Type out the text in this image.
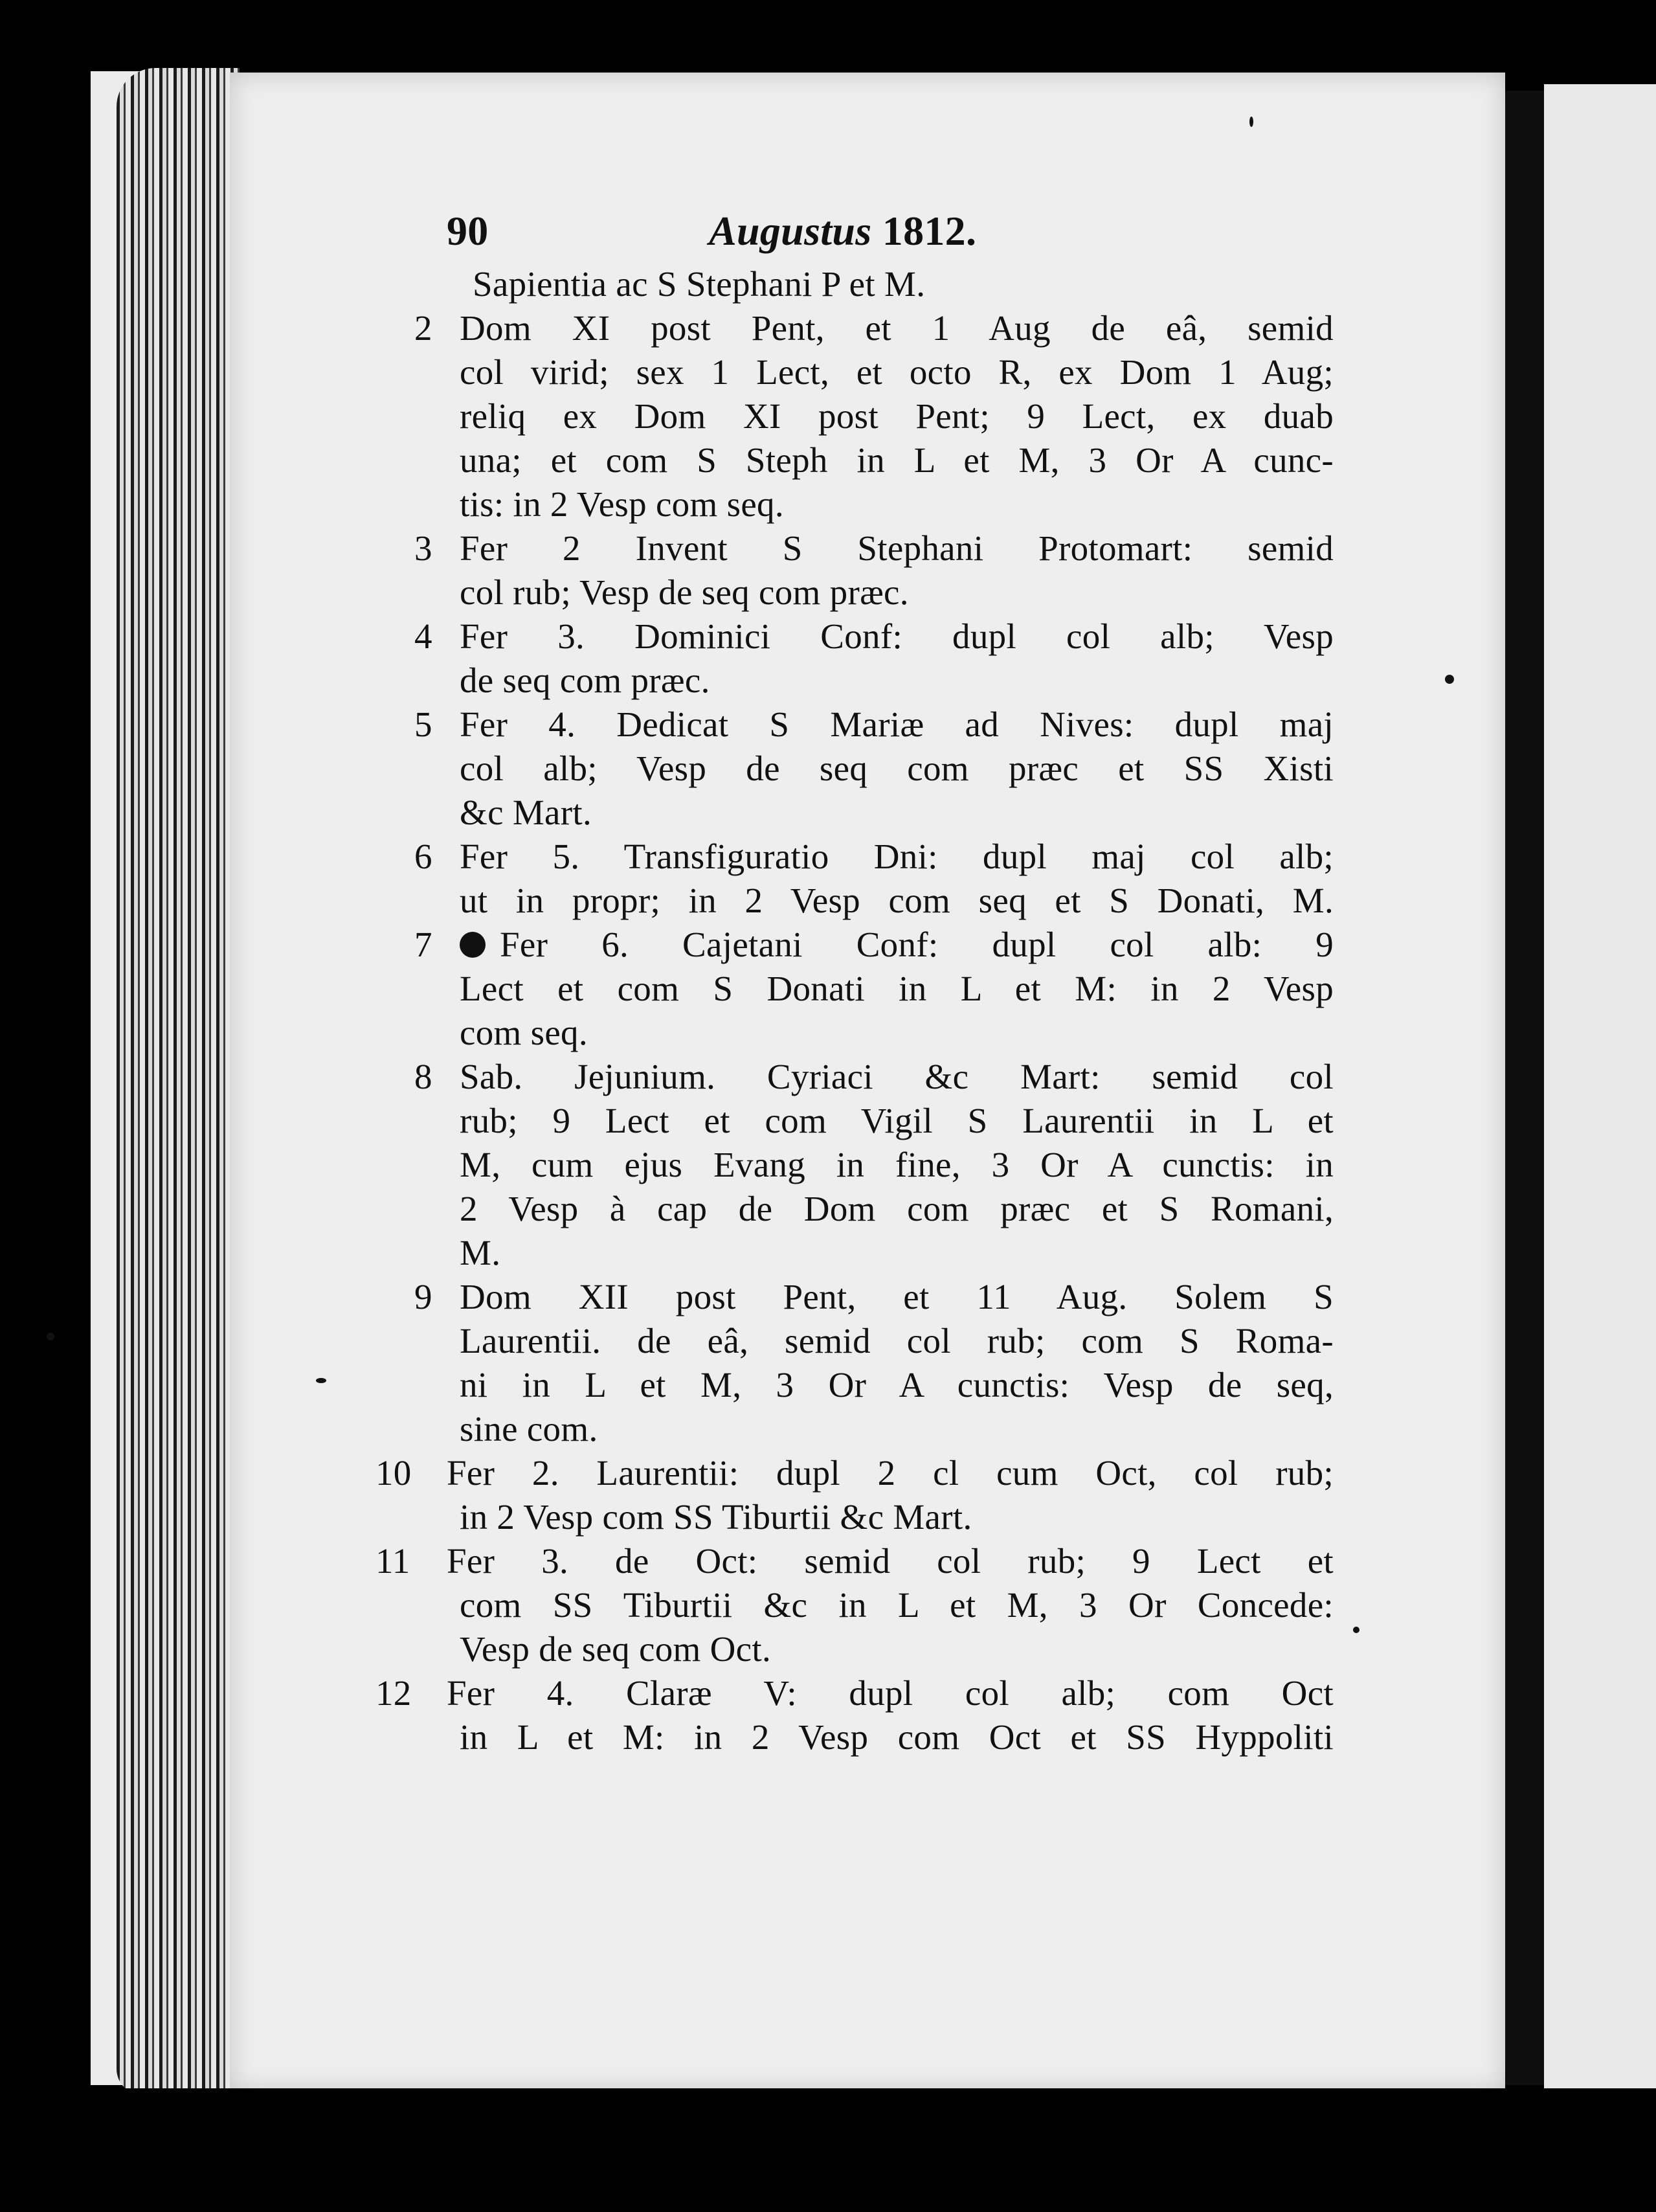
90	Augustus 1812.
Sapientia ac S Stephani P et M.
2 Dom XI post Pent, et 1 Aug de eâ, semid
col virid; sex 1 Lect, et octo R, ex Dom 1 Aug;
reliq ex Dom XI post Pent; 9 Lect, ex duab
una; et com S Steph in L et M, 3 Or A cunc-
tis: in 2 Vesp com seq.
3 Fer 2 Invent S Stephani Protomart: semid
col rub; Vesp de seq com præc.
4 Fer 3. Dominici Conf: dupl col alb; Vesp
de seq com præc.
5 Fer 4. Dedicat S Mariæ ad Nives: dupl maj
col alb; Vesp de seq com præc et SS Xisti
&c Mart.
6 Fer 5. Transfiguratio Dni: dupl maj col alb;
ut in propr; in 2 Vesp com seq et S Donati, M.
7	Fer 6. Cajetani Conf: dupl col alb: 9
Lect et com S Donati in L et M: in 2 Vesp
com seq.
8 Sab. Jejunium. Cyriaci &c Mart: semid col
rub; 9 Lect et com Vigil S Laurentii in L et
M, cum ejus Evang in fine, 3 Or A cunctis: in
2 Vesp à cap de Dom com præc et S Romani,
M.
9 Dom XII post Pent, et 11 Aug. Solem S
Laurentii. de eâ, semid col rub; com S Roma-
ni in L et M, 3 Or A cunctis: Vesp de seq,
sine com.
10 Fer 2. Laurentii: dupl 2 cl cum Oct, col rub;
in 2 Vesp com SS Tiburtii &c Mart.
11	Fer 3. de Oct: semid col rub; 9 Lect et
com SS Tiburtii &c in L et M, 3 Or Concede:
Vesp de seq com Oct.
12 Fer 4. Claræ V: dupl col alb; com Oct
in L et M: in 2 Vesp com Oct et SS Hyppoliti
